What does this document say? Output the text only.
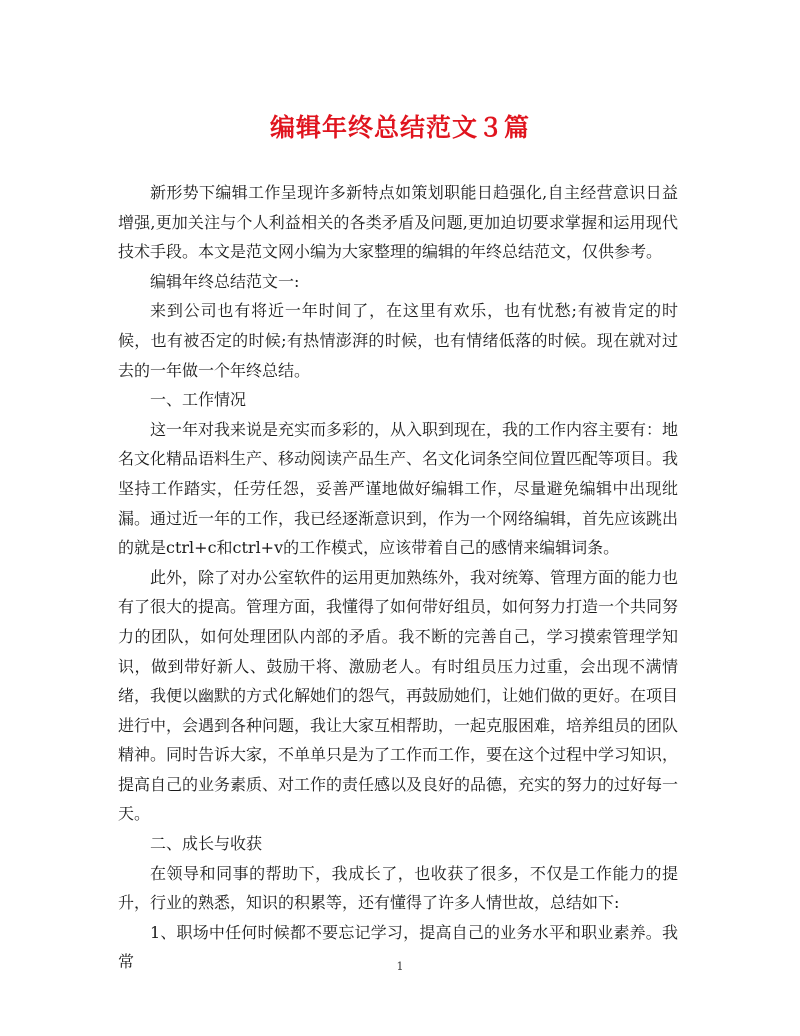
编辑年终总结范文３篇

新形势下编辑工作呈现许多新特点如策划职能日趋强化,自主经营意识日益增强,更加关注与个人利益相关的各类矛盾及问题,更加迫切要求掌握和运用现代技术手段。本文是范文网小编为大家整理的编辑的年终总结范文，仅供参考。

编辑年终总结范文一:

来到公司也有将近一年时间了，在这里有欢乐，也有忧愁;有被肯定的时候，也有被否定的时候;有热情澎湃的时候，也有情绪低落的时候。现在就对过去的一年做一个年终总结。

一、工作情况

这一年对我来说是充实而多彩的，从入职到现在，我的工作内容主要有：地名文化精品语料生产、移动阅读产品生产、名文化词条空间位置匹配等项目。我坚持工作踏实，任劳任怨，妥善严谨地做好编辑工作，尽量避免编辑中出现纰漏。通过近一年的工作，我已经逐渐意识到，作为一个网络编辑，首先应该跳出的就是ctrl+c和ctrl+v的工作模式，应该带着自己的感情来编辑词条。

此外，除了对办公室软件的运用更加熟练外，我对统筹、管理方面的能力也有了很大的提高。管理方面，我懂得了如何带好组员，如何努力打造一个共同努力的团队，如何处理团队内部的矛盾。我不断的完善自己，学习摸索管理学知识，做到带好新人、鼓励干将、激励老人。有时组员压力过重，会出现不满情绪，我便以幽默的方式化解她们的怨气，再鼓励她们，让她们做的更好。在项目进行中，会遇到各种问题，我让大家互相帮助，一起克服困难，培养组员的团队精神。同时告诉大家，不单单只是为了工作而工作，要在这个过程中学习知识，提高自己的业务素质、对工作的责任感以及良好的品德，充实的努力的过好每一天。

二、成长与收获

在领导和同事的帮助下，我成长了，也收获了很多，不仅是工作能力的提升，行业的熟悉，知识的积累等，还有懂得了许多人情世故，总结如下:

1、职场中任何时候都不要忘记学习，提高自己的业务水平和职业素养。我常	1
